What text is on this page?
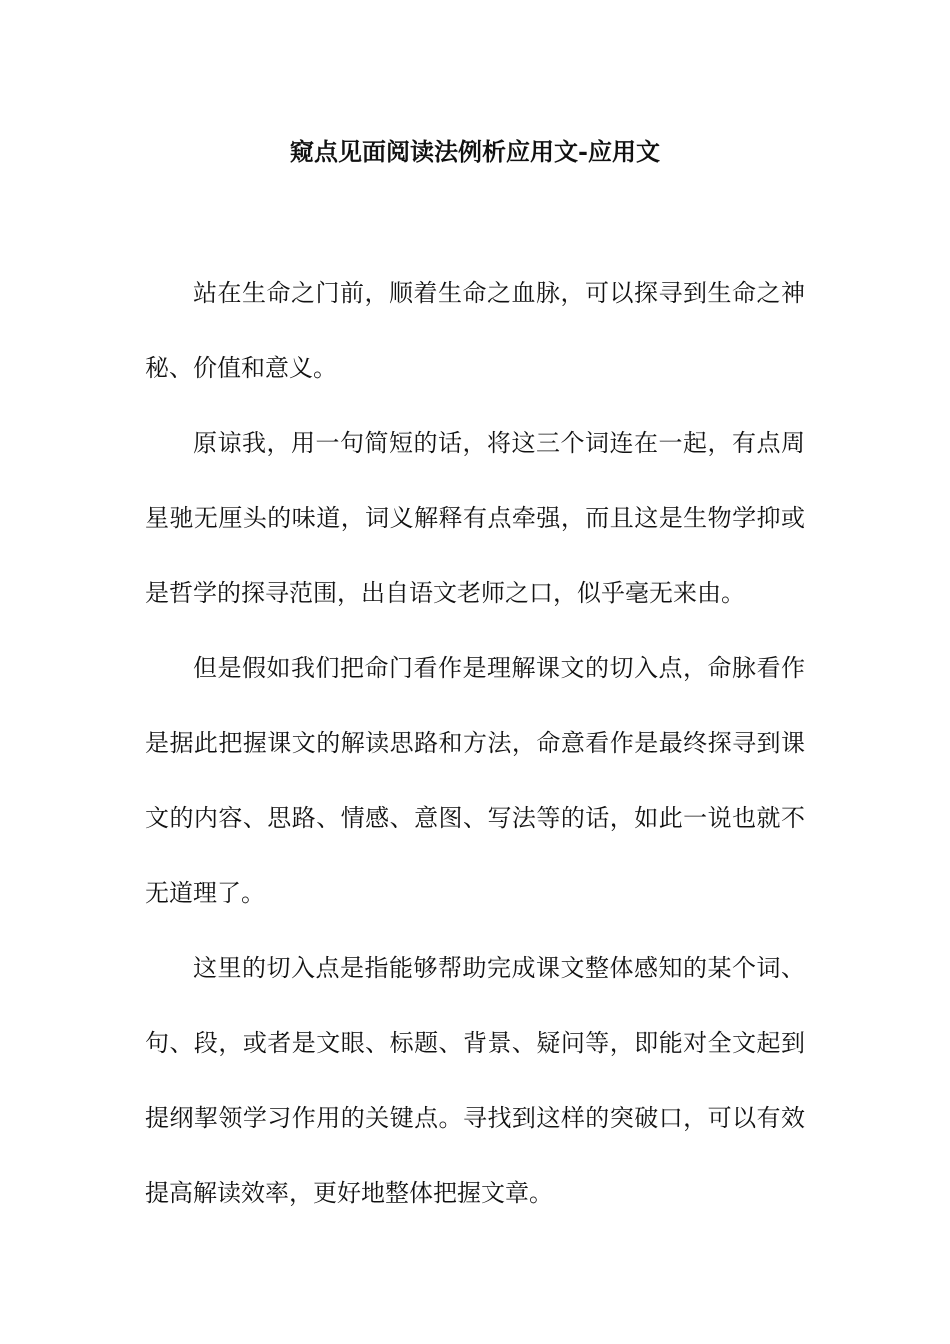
窥点见面阅读法例析应用文-应用文

站在生命之门前，顺着生命之血脉，可以探寻到生命之神秘、价值和意义。

原谅我，用一句简短的话，将这三个词连在一起，有点周星驰无厘头的味道，词义解释有点牵强，而且这是生物学抑或是哲学的探寻范围，出自语文老师之口，似乎毫无来由。

但是假如我们把命门看作是理解课文的切入点，命脉看作是据此把握课文的解读思路和方法，命意看作是最终探寻到课文的内容、思路、情感、意图、写法等的话，如此一说也就不无道理了。

这里的切入点是指能够帮助完成课文整体感知的某个词、句、段，或者是文眼、标题、背景、疑问等，即能对全文起到提纲挈领学习作用的关键点。寻找到这样的突破口，可以有效提高解读效率，更好地整体把握文章。
